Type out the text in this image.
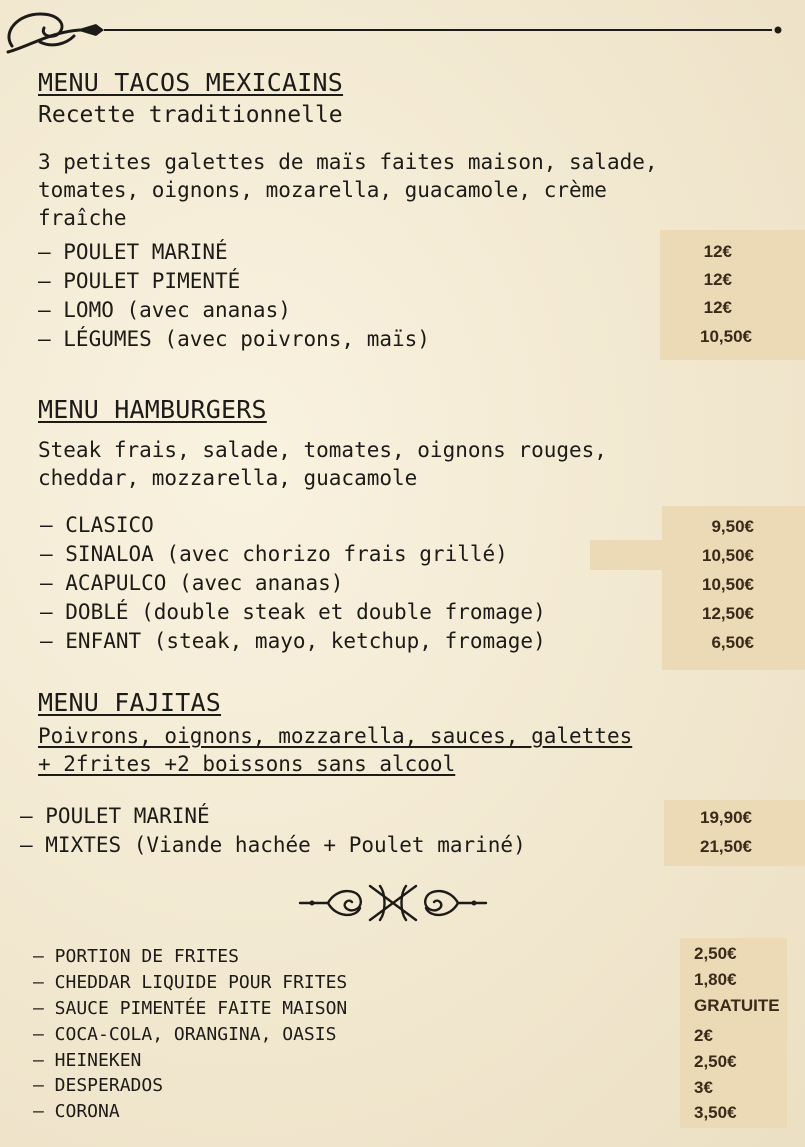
MENU TACOS MEXICAINS
Recette traditionnelle
3 petites galettes de maïs faites maison, salade,
tomates, oignons, mozarella, guacamole, crème
fraîche
– POULET MARINÉ
– POULET PIMENTÉ
– LOMO (avec ananas)
– LÉGUMES (avec poivrons, maïs)
12€
12€
12€
10,50€
MENU HAMBURGERS
Steak frais, salade, tomates, oignons rouges,
cheddar, mozzarella, guacamole
– CLASICO
– SINALOA (avec chorizo frais grillé)
– ACAPULCO (avec ananas)
– DOBLÉ (double steak et double fromage)
– ENFANT (steak, mayo, ketchup, fromage)
9,50€
10,50€
10,50€
12,50€
6,50€
MENU FAJITAS
Poivrons, oignons, mozzarella, sauces, galettes
+ 2frites +2 boissons sans alcool
– POULET MARINÉ
– MIXTES (Viande hachée + Poulet mariné)
19,90€
21,50€
– PORTION DE FRITES
– CHEDDAR LIQUIDE POUR FRITES
– SAUCE PIMENTÉE FAITE MAISON
– COCA-COLA, ORANGINA, OASIS
– HEINEKEN
– DESPERADOS
– CORONA
2,50€
1,80€
GRATUITE
2€
2,50€
3€
3,50€
